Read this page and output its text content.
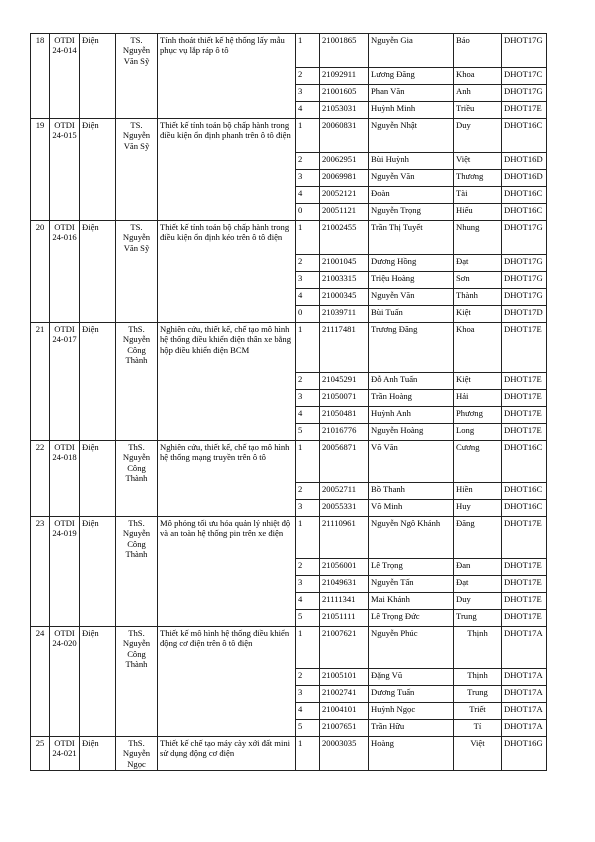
18	OTDI 24-014	Điện	TS. Nguyễn Văn Sỹ	Tính thoát thiết kế hệ thống lấy mẫu phục vụ lắp ráp ô tô	1	21001865	Nguyễn Gia	Bảo	DHOT17G
					2	21092911	Lương Đăng	Khoa	DHOT17C
					3	21001605	Phan Văn	Anh	DHOT17G
					4	21053031	Huỳnh Minh	Triều	DHOT17E
19	OTDI 24-015	Điện	TS. Nguyễn Văn Sỹ	Thiết kế tính toán bộ chấp hành trong điều kiện ổn định phanh trên ô tô điện	1	20060831	Nguyễn Nhật	Duy	DHOT16C
					2	20062951	Bùi Huỳnh	Việt	DHOT16D
					3	20069981	Nguyễn Văn	Thương	DHOT16D
					4	20052121	Đoàn	Tài	DHOT16C
					0	20051121	Nguyễn Trọng	Hiếu	DHOT16C
20	OTDI 24-016	Điện	TS. Nguyễn Văn Sỹ	Thiết kế tính toán bộ chấp hành trong điều kiện ổn định kéo trên ô tô điện	1	21002455	Trần Thị Tuyết	Nhung	DHOT17G
					2	21001045	Dương Hồng	Đạt	DHOT17G
					3	21003315	Triệu Hoàng	Sơn	DHOT17G
					4	21000345	Nguyễn Văn	Thành	DHOT17G
					0	21039711	Bùi Tuấn	Kiệt	DHOT17D
21	OTDI 24-017	Điện	ThS. Nguyễn Công Thành	Nghiên cứu, thiết kế, chế tạo mô hình hệ thống điều khiển điện thân xe bằng hộp điều khiển điện BCM	1	21117481	Trương Đăng	Khoa	DHOT17E
					2	21045291	Đỗ Anh Tuấn	Kiệt	DHOT17E
					3	21050071	Trần Hoàng	Hải	DHOT17E
					4	21050481	Huỳnh Anh	Phương	DHOT17E
					5	21016776	Nguyễn Hoàng	Long	DHOT17E
22	OTDI 24-018	Điện	ThS. Nguyễn Công Thành	Nghiên cứu, thiết kế, chế tạo mô hình hệ thống mạng truyền trên ô tô	1	20056871	Võ Văn	Cương	DHOT16C
					2	20052711	Bồ Thanh	Hiền	DHOT16C
					3	20055331	Võ Minh	Huy	DHOT16C
23	OTDI 24-019	Điện	ThS. Nguyễn Công Thành	Mô phỏng tối ưu hóa quản lý nhiệt độ và an toàn hệ thống pin trên xe điện	1	21110961	Nguyễn Ngô Khánh	Đăng	DHOT17E
					2	21056001	Lê Trọng	Đan	DHOT17E
					3	21049631	Nguyễn Tấn	Đạt	DHOT17E
					4	21111341	Mai Khánh	Duy	DHOT17E
					5	21051111	Lê Trọng Đức	Trung	DHOT17E
24	OTDI 24-020	Điện	ThS. Nguyễn Công Thành	Thiết kế mô hình hệ thống điều khiển động cơ điện trên ô tô điện	1	21007621	Nguyễn Phúc	Thịnh	DHOT17A
					2	21005101	Đặng Vũ	Thịnh	DHOT17A
					3	21002741	Dương Tuấn	Trung	DHOT17A
					4	21004101	Huỳnh Ngọc	Triết	DHOT17A
					5	21007651	Trần Hữu	Tí	DHOT17A
25	OTDI 24-021	Điện	ThS. Nguyễn Ngọc	Thiết kế chế tạo máy cày xới đất mini sử dụng động cơ điện	1	20003035	Hoàng	Việt	DHOT16G
